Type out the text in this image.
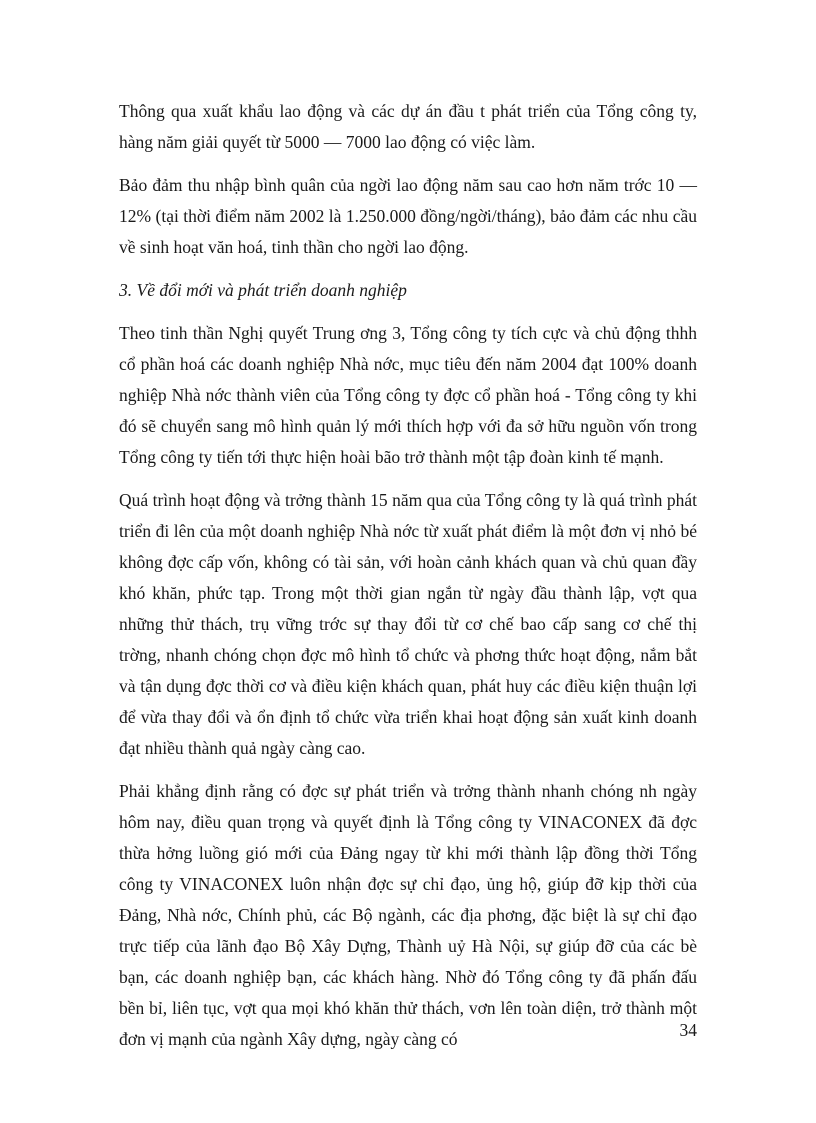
Thông qua xuất khẩu lao động và các dự án đầu t phát triển của Tổng công ty, hàng năm giải quyết từ 5000 — 7000 lao động có việc làm.

Bảo đảm thu nhập bình quân của ngời lao động năm sau cao hơn năm trớc 10 — 12% (tại thời điểm năm 2002 là 1.250.000 đồng/ngời/tháng), bảo đảm các nhu cầu về sinh hoạt văn hoá, tinh thần cho ngời lao động.

3. Về đổi mới và phát triển doanh nghiệp

Theo tinh thần Nghị quyết Trung ơng 3, Tổng công ty tích cực và chủ động thhh cổ phần hoá các doanh nghiệp Nhà nớc, mục tiêu đến năm 2004 đạt 100% doanh nghiệp Nhà nớc thành viên của Tổng công ty đợc cổ phần hoá - Tổng công ty khi đó sẽ chuyển sang mô hình quản lý mới thích hợp với đa sở hữu nguồn vốn trong Tổng công ty tiến tới thực hiện hoài bão trở thành một tập đoàn kinh tế mạnh.

Quá trình hoạt động và trởng thành 15 năm qua của Tổng công ty là quá trình phát triển đi lên của một doanh nghiệp Nhà nớc từ xuất phát điểm là một đơn vị nhỏ bé không đợc cấp vốn, không có tài sản, với hoàn cảnh khách quan và chủ quan đầy khó khăn, phức tạp. Trong một thời gian ngắn từ ngày đầu thành lập, vợt qua những thử thách, trụ vững trớc sự thay đổi từ cơ chế bao cấp sang cơ chế thị trờng, nhanh chóng chọn đợc mô hình tổ chức và phơng thức hoạt động, nắm bắt và tận dụng đợc thời cơ và điều kiện khách quan, phát huy các điều kiện thuận lợi để vừa thay đổi và ổn định tổ chức vừa triển khai hoạt động sản xuất kinh doanh đạt nhiều thành quả ngày càng cao.

Phải khẳng định rằng có đợc sự phát triển và trởng thành nhanh chóng nh ngày hôm nay, điều quan trọng và quyết định là Tổng công ty VINACONEX đã đợc thừa hởng luồng gió mới của Đảng ngay từ khi mới thành lập đồng thời Tổng công ty VINACONEX luôn nhận đợc sự chỉ đạo, ủng hộ, giúp đỡ kịp thời của Đảng, Nhà nớc, Chính phủ, các Bộ ngành, các địa phơng, đặc biệt là sự chỉ đạo trực tiếp của lãnh đạo Bộ Xây Dựng, Thành uỷ Hà Nội, sự giúp đỡ của các bè bạn, các doanh nghiệp bạn, các khách hàng. Nhờ đó Tổng công ty đã phấn đấu bền bỉ, liên tục, vợt qua mọi khó khăn thử thách, vơn lên toàn diện, trở thành một đơn vị mạnh của ngành Xây dựng, ngày càng có	34
